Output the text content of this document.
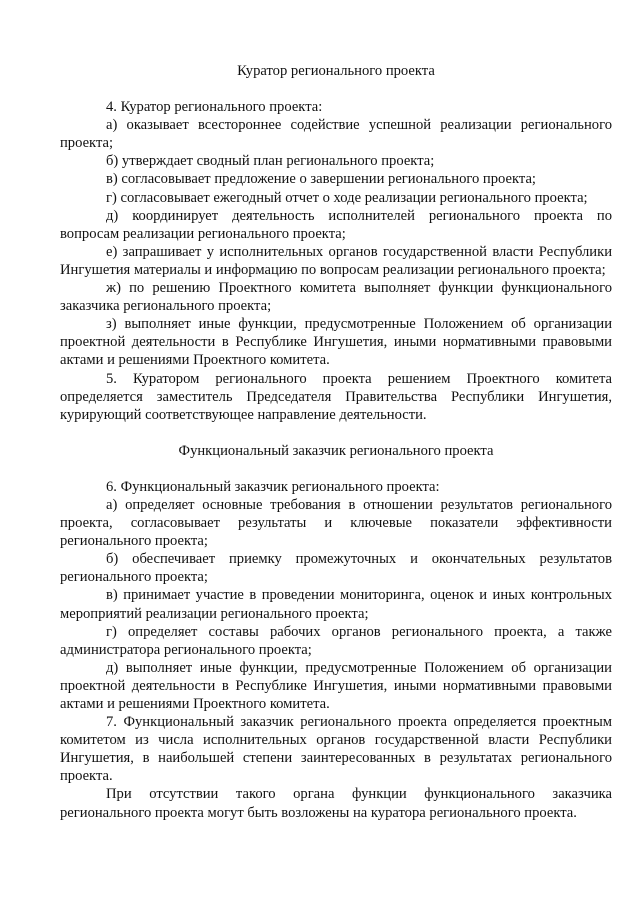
Куратор регионального проекта

4. Куратор регионального проекта:

а) оказывает всестороннее содействие успешной реализации регионального проекта;

б) утверждает сводный план регионального проекта;

в) согласовывает предложение о завершении регионального проекта;

г) согласовывает ежегодный отчет о ходе реализации регионального проекта;

д) координирует деятельность исполнителей регионального проекта по вопросам реализации регионального проекта;

е) запрашивает у исполнительных органов государственной власти Республики Ингушетия материалы и информацию по вопросам реализации регионального проекта;

ж) по решению Проектного комитета выполняет функции функционального заказчика регионального проекта;

з) выполняет иные функции, предусмотренные Положением об организации проектной деятельности в Республике Ингушетия, иными нормативными правовыми актами и решениями Проектного комитета.

5. Куратором регионального проекта решением Проектного комитета определяется заместитель Председателя Правительства Республики Ингушетия, курирующий соответствующее направление деятельности.

Функциональный заказчик регионального проекта

6. Функциональный заказчик регионального проекта:

а) определяет основные требования в отношении результатов регионального проекта, согласовывает результаты и ключевые показатели эффективности регионального проекта;

б) обеспечивает приемку промежуточных и окончательных результатов регионального проекта;

в) принимает участие в проведении мониторинга, оценок и иных контрольных мероприятий реализации регионального проекта;

г) определяет составы рабочих органов регионального проекта, а также администратора регионального проекта;

д) выполняет иные функции, предусмотренные Положением об организации проектной деятельности в Республике Ингушетия, иными нормативными правовыми актами и решениями Проектного комитета.

7. Функциональный заказчик регионального проекта определяется проектным комитетом из числа исполнительных органов государственной власти Республики Ингушетия, в наибольшей степени заинтересованных в результатах регионального проекта.

При отсутствии такого органа функции функционального заказчика регионального проекта могут быть возложены на куратора регионального проекта.
